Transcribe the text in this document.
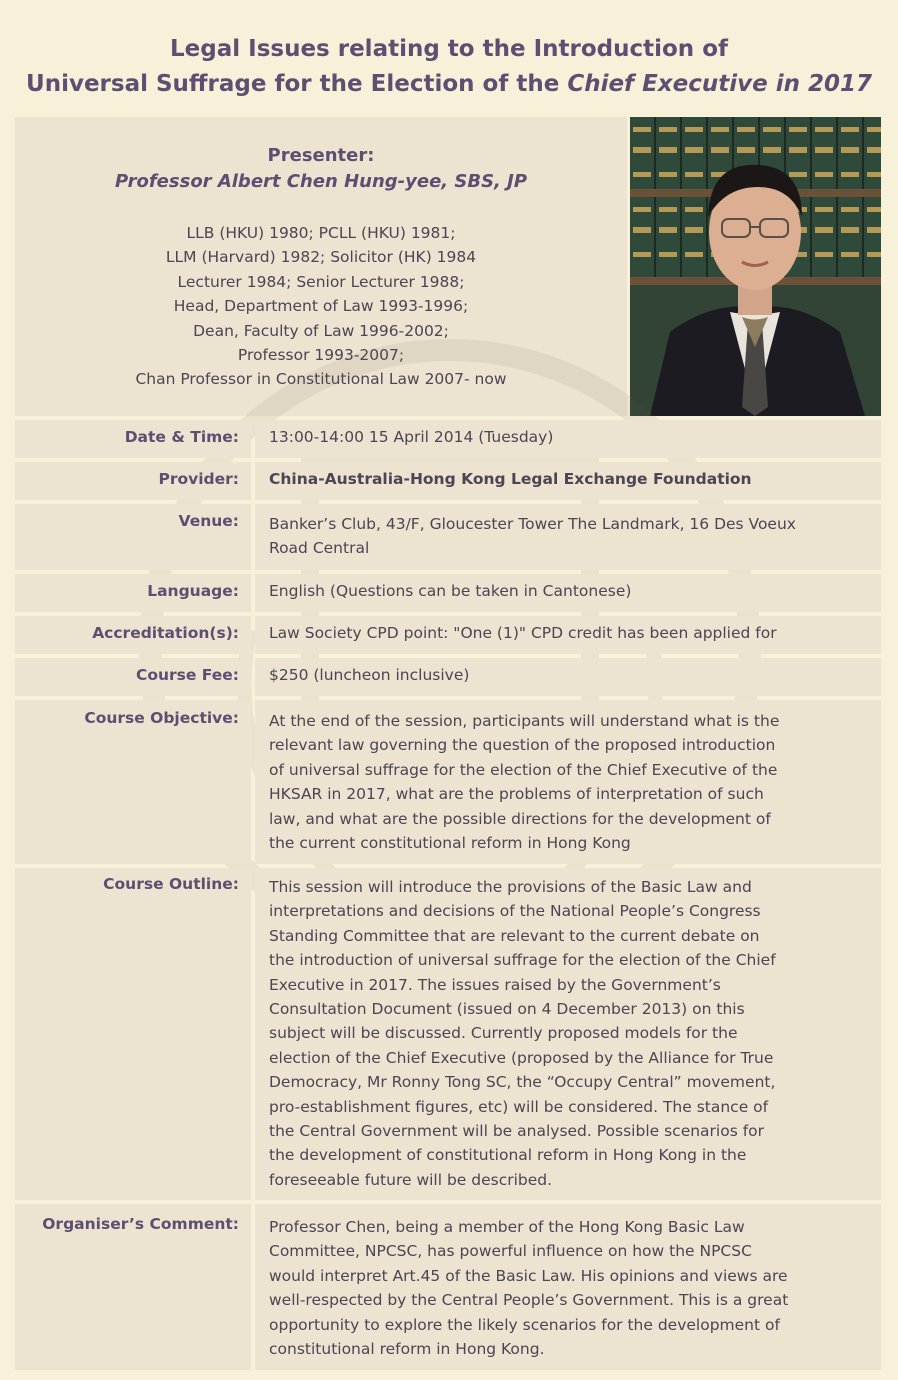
Legal Issues relating to the Introduction of
Universal Suffrage for the Election of the Chief Executive in 2017
Presenter:
Professor Albert Chen Hung-yee, SBS, JP
LLB (HKU) 1980; PCLL (HKU) 1981;
LLM (Harvard) 1982; Solicitor (HK) 1984
Lecturer 1984; Senior Lecturer 1988;
Head, Department of Law 1993-1996;
Dean, Faculty of Law 1996-2002;
Professor 1993-2007;
Chan Professor in Constitutional Law 2007- now
Date & Time:	13:00-14:00 15 April 2014 (Tuesday)
Provider:	China-Australia-Hong Kong Legal Exchange Foundation
Venue:	Banker’s Club, 43/F, Gloucester Tower The Landmark, 16 Des Voeux
Road Central
Language:	English (Questions can be taken in Cantonese)
Accreditation(s):	Law Society CPD point: "One (1)" CPD credit has been applied for
Course Fee:	$250 (luncheon inclusive)
Course Objective:	At the end of the session, participants will understand what is the
relevant law governing the question of the proposed introduction
of universal suffrage for the election of the Chief Executive of the
HKSAR in 2017, what are the problems of interpretation of such
law, and what are the possible directions for the development of
the current constitutional reform in Hong Kong
Course Outline:	This session will introduce the provisions of the Basic Law and
interpretations and decisions of the National People’s Congress
Standing Committee that are relevant to the current debate on
the introduction of universal suffrage for the election of the Chief
Executive in 2017. The issues raised by the Government’s
Consultation Document (issued on 4 December 2013) on this
subject will be discussed. Currently proposed models for the
election of the Chief Executive (proposed by the Alliance for True
Democracy, Mr Ronny Tong SC, the “Occupy Central” movement,
pro-establishment figures, etc) will be considered. The stance of
the Central Government will be analysed. Possible scenarios for
the development of constitutional reform in Hong Kong in the
foreseeable future will be described.
Organiser’s Comment:	Professor Chen, being a member of the Hong Kong Basic Law
Committee, NPCSC, has powerful influence on how the NPCSC
would interpret Art.45 of the Basic Law. His opinions and views are
well-respected by the Central People’s Government. This is a great
opportunity to explore the likely scenarios for the development of
constitutional reform in Hong Kong.
